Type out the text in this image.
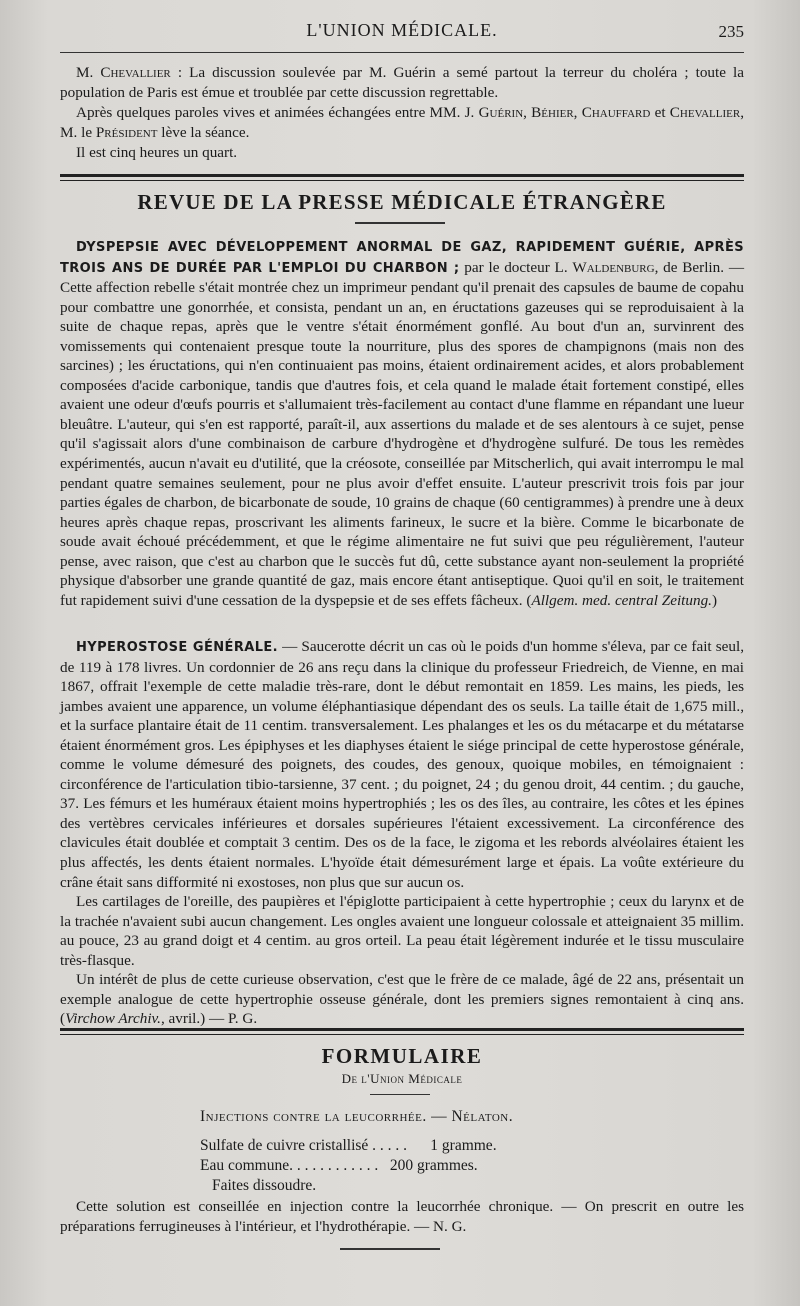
L'UNION MÉDICALE.	235

M. Chevallier : La discussion soulevée par M. Guérin a semé partout la terreur du choléra ; toute la population de Paris est émue et troublée par cette discussion regrettable.

Après quelques paroles vives et animées échangées entre MM. J. Guérin, Béhier, Chauffard et Chevallier, M. le Président lève la séance.

Il est cinq heures un quart.

REVUE DE LA PRESSE MÉDICALE ÉTRANGÈRE

DYSPEPSIE AVEC DÉVELOPPEMENT ANORMAL DE GAZ, RAPIDEMENT GUÉRIE, APRÈS TROIS ANS DE DURÉE PAR L'EMPLOI DU CHARBON ; par le docteur L. Waldenburg, de Berlin. — Cette affection rebelle s'était montrée chez un imprimeur pendant qu'il prenait des capsules de baume de copahu pour combattre une gonorrhée, et consista, pendant un an, en éructations gazeuses qui se reproduisaient à la suite de chaque repas, après que le ventre s'était énormément gonflé. Au bout d'un an, survinrent des vomissements qui contenaient presque toute la nourriture, plus des spores de champignons (mais non des sarcines) ; les éructations, qui n'en continuaient pas moins, étaient ordinairement acides, et alors probablement composées d'acide carbonique, tandis que d'autres fois, et cela quand le malade était fortement constipé, elles avaient une odeur d'œufs pourris et s'allumaient très-facilement au contact d'une flamme en répandant une lueur bleuâtre. L'auteur, qui s'en est rapporté, paraît-il, aux assertions du malade et de ses alentours à ce sujet, pense qu'il s'agissait alors d'une combinaison de carbure d'hydrogène et d'hydrogène sulfuré. De tous les remèdes expérimentés, aucun n'avait eu d'utilité, que la créosote, conseillée par Mitscherlich, qui avait interrompu le mal pendant quatre semaines seulement, pour ne plus avoir d'effet ensuite. L'auteur prescrivit trois fois par jour parties égales de charbon, de bicarbonate de soude, 10 grains de chaque (60 centigrammes) à prendre une à deux heures après chaque repas, proscrivant les aliments farineux, le sucre et la bière. Comme le bicarbonate de soude avait échoué précédemment, et que le régime alimentaire ne fut suivi que peu régulièrement, l'auteur pense, avec raison, que c'est au charbon que le succès fut dû, cette substance ayant non-seulement la propriété physique d'absorber une grande quantité de gaz, mais encore étant antiseptique. Quoi qu'il en soit, le traitement fut rapidement suivi d'une cessation de la dyspepsie et de ses effets fâcheux. (Allgem. med. central Zeitung.)

HYPEROSTOSE GÉNÉRALE. — Saucerotte décrit un cas où le poids d'un homme s'éleva, par ce fait seul, de 119 à 178 livres. Un cordonnier de 26 ans reçu dans la clinique du professeur Friedreich, de Vienne, en mai 1867, offrait l'exemple de cette maladie très-rare, dont le début remontait en 1859. Les mains, les pieds, les jambes avaient une apparence, un volume éléphantiasique dépendant des os seuls. La taille était de 1,675 mill., et la surface plantaire était de 11 centim. transversalement. Les phalanges et les os du métacarpe et du métatarse étaient énormément gros. Les épiphyses et les diaphyses étaient le siége principal de cette hyperostose générale, comme le volume démesuré des poignets, des coudes, des genoux, quoique mobiles, en témoignaient : circonférence de l'articulation tibio-tarsienne, 37 cent. ; du poignet, 24 ; du genou droit, 44 centim. ; du gauche, 37. Les fémurs et les humérаux étaient moins hypertrophiés ; les os des îles, au contraire, les côtes et les épines des vertèbres cervicales inférieures et dorsales supérieures l'étaient excessivement. La circonférence des clavicules était doublée et comptait 3 centim. Des os de la face, le zigoma et les rebords alvéolaires étaient les plus affectés, les dents étaient normales. L'hyoïde était démesurément large et épais. La voûte extérieure du crâne était sans difformité ni exostoses, non plus que sur aucun os.

Les cartilages de l'oreille, des paupières et l'épiglotte participaient à cette hypertrophie ; ceux du larynx et de la trachée n'avaient subi aucun changement. Les ongles avaient une longueur colossale et atteignaient 35 millim. au pouce, 23 au grand doigt et 4 centim. au gros orteil. La peau était légèrement indurée et le tissu musculaire très-flasque.

Un intérêt de plus de cette curieuse observation, c'est que le frère de ce malade, âgé de 22 ans, présentait un exemple analogue de cette hypertrophie osseuse générale, dont les premiers signes remontaient à cinq ans. (Virchow Archiv., avril.) — P. G.

FORMULAIRE
De l'Union Médicale
Injections contre la leucorrhée. — Nélaton.
Sulfate de cuivre cristallisé . . . . .      1 gramme.
Eau commune. . . . . . . . . . . .   200 grammes.
Faites dissoudre.

Cette solution est conseillée en injection contre la leucorrhée chronique. — On prescrit en outre les préparations ferrugineuses à l'intérieur, et l'hydrothérapie. — N. G.
